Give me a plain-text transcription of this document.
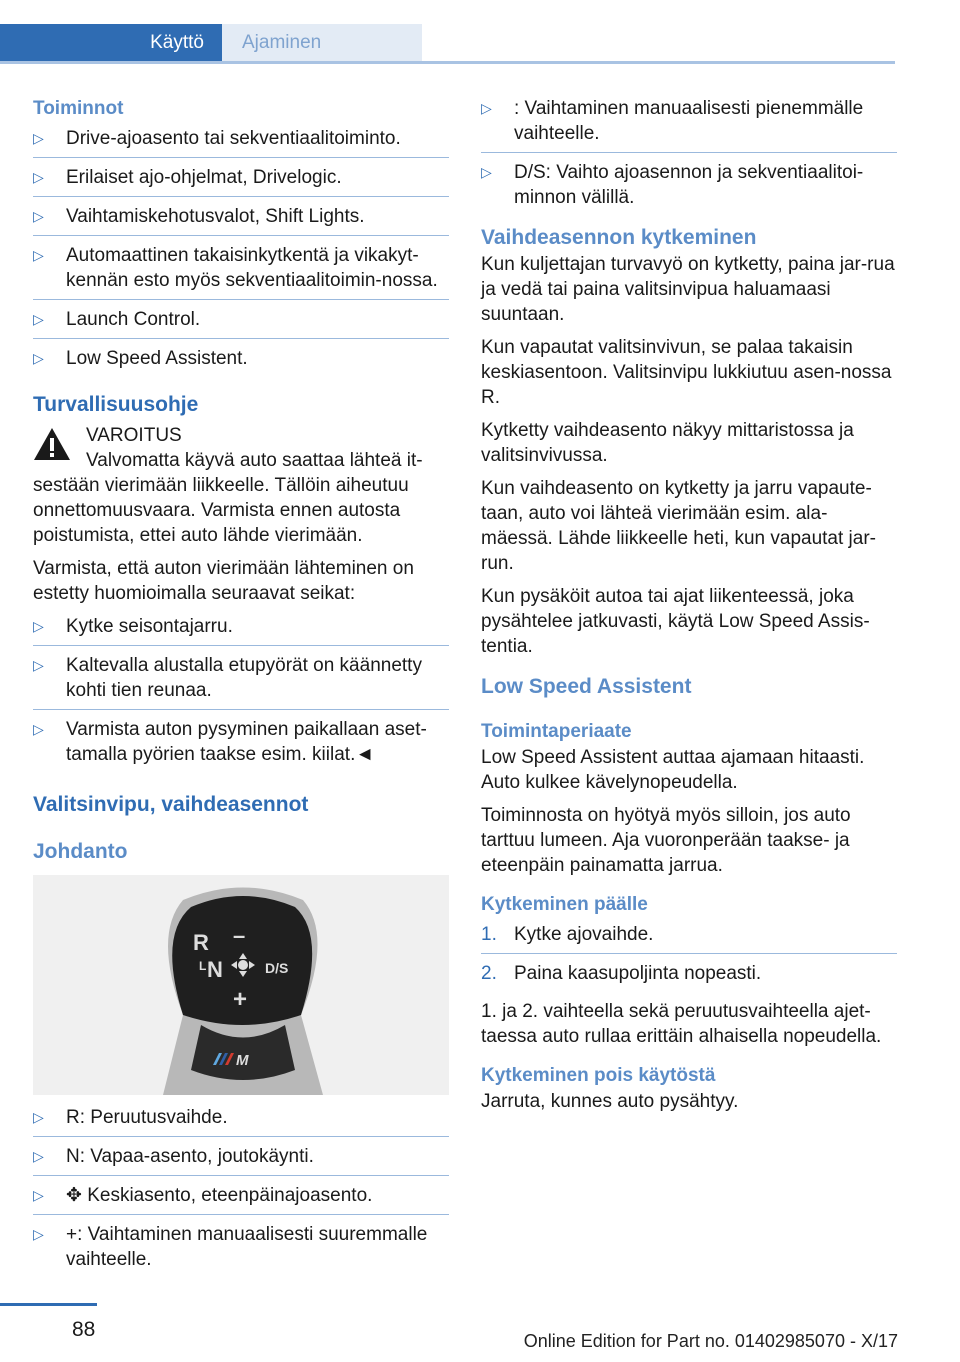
Käyttö Ajaminen
Toiminnot
▷ Drive-ajoasento tai sekventiaalitoiminto.
▷ Erilaiset ajo-ohjelmat, Drivelogic.
▷ Vaihtamiskehotusvalot, Shift Lights.
▷ Automaattinen takaisinkytkentä ja vikakyt-kennän esto myös sekventiaalitoimin-nossa.
▷ Launch Control.
▷ Low Speed Assistent.
Turvallisuusohje

VAROITUS

Valvomatta käyvä auto saattaa lähteä it-sestään vierimään liikkeelle. Tällöin aiheutuu onnettomuusvaara. Varmista ennen autosta poistumista, ettei auto lähde vierimään.

Varmista, että auton vierimään lähteminen on estetty huomioimalla seuraavat seikat:

▷ Kytke seisontajarru.
▷ Kaltevalla alustalla etupyörät on käännetty kohti tien reunaa.
▷ Varmista auton pysyminen paikallaan aset-tamalla pyörien taakse esim. kiilat.◄
Valitsinvipu, vaihdeasennot
Johdanto
R –
L N	D/S
+
M
▷ R: Peruutusvaihde.
▷ N: Vapaa-asento, joutokäynti.
▷ ✥ Keskiasento, eteenpäinajoasento.
▷ +: Vaihtaminen manuaalisesti suuremmalle vaihteelle.
▷ : Vaihtaminen manuaalisesti pienemmälle vaihteelle.
▷ D/S: Vaihto ajoasennon ja sekventiaalitoi-minnon välillä.
Vaihdeasennon kytkeminen

Kun kuljettajan turvavyö on kytketty, paina jar-rua ja vedä tai paina valitsinvipua haluamaasi suuntaan.

Kun vapautat valitsinvivun, se palaa takaisin keskiasentoon. Valitsinvipu lukkiutuu asen-nossa R.

Kytketty vaihdeasento näkyy mittaristossa ja valitsinvivussa.

Kun vaihdeasento on kytketty ja jarru vapaute-taan, auto voi lähteä vierimään esim. ala-mäessä. Lähde liikkeelle heti, kun vapautat jar-run.

Kun pysäköit autoa tai ajat liikenteessä, joka pysähtelee jatkuvasti, käytä Low Speed Assis-tentia.

Low Speed Assistent
Toimintaperiaate

Low Speed Assistent auttaa ajamaan hitaasti. Auto kulkee kävelynopeudella.

Toiminnosta on hyötyä myös silloin, jos auto tarttuu lumeen. Aja vuoronperään taakse- ja eteenpäin painamatta jarrua.

Kytkeminen päälle
1. Kytke ajovaihde.
2. Paina kaasupoljinta nopeasti.

1. ja 2. vaihteella sekä peruutusvaihteella ajet-taessa auto rullaa erittäin alhaisella nopeudella.

Kytkeminen pois käytöstä

Jarruta, kunnes auto pysähtyy.

88	Online Edition for Part no. 01402985070 - X/17
